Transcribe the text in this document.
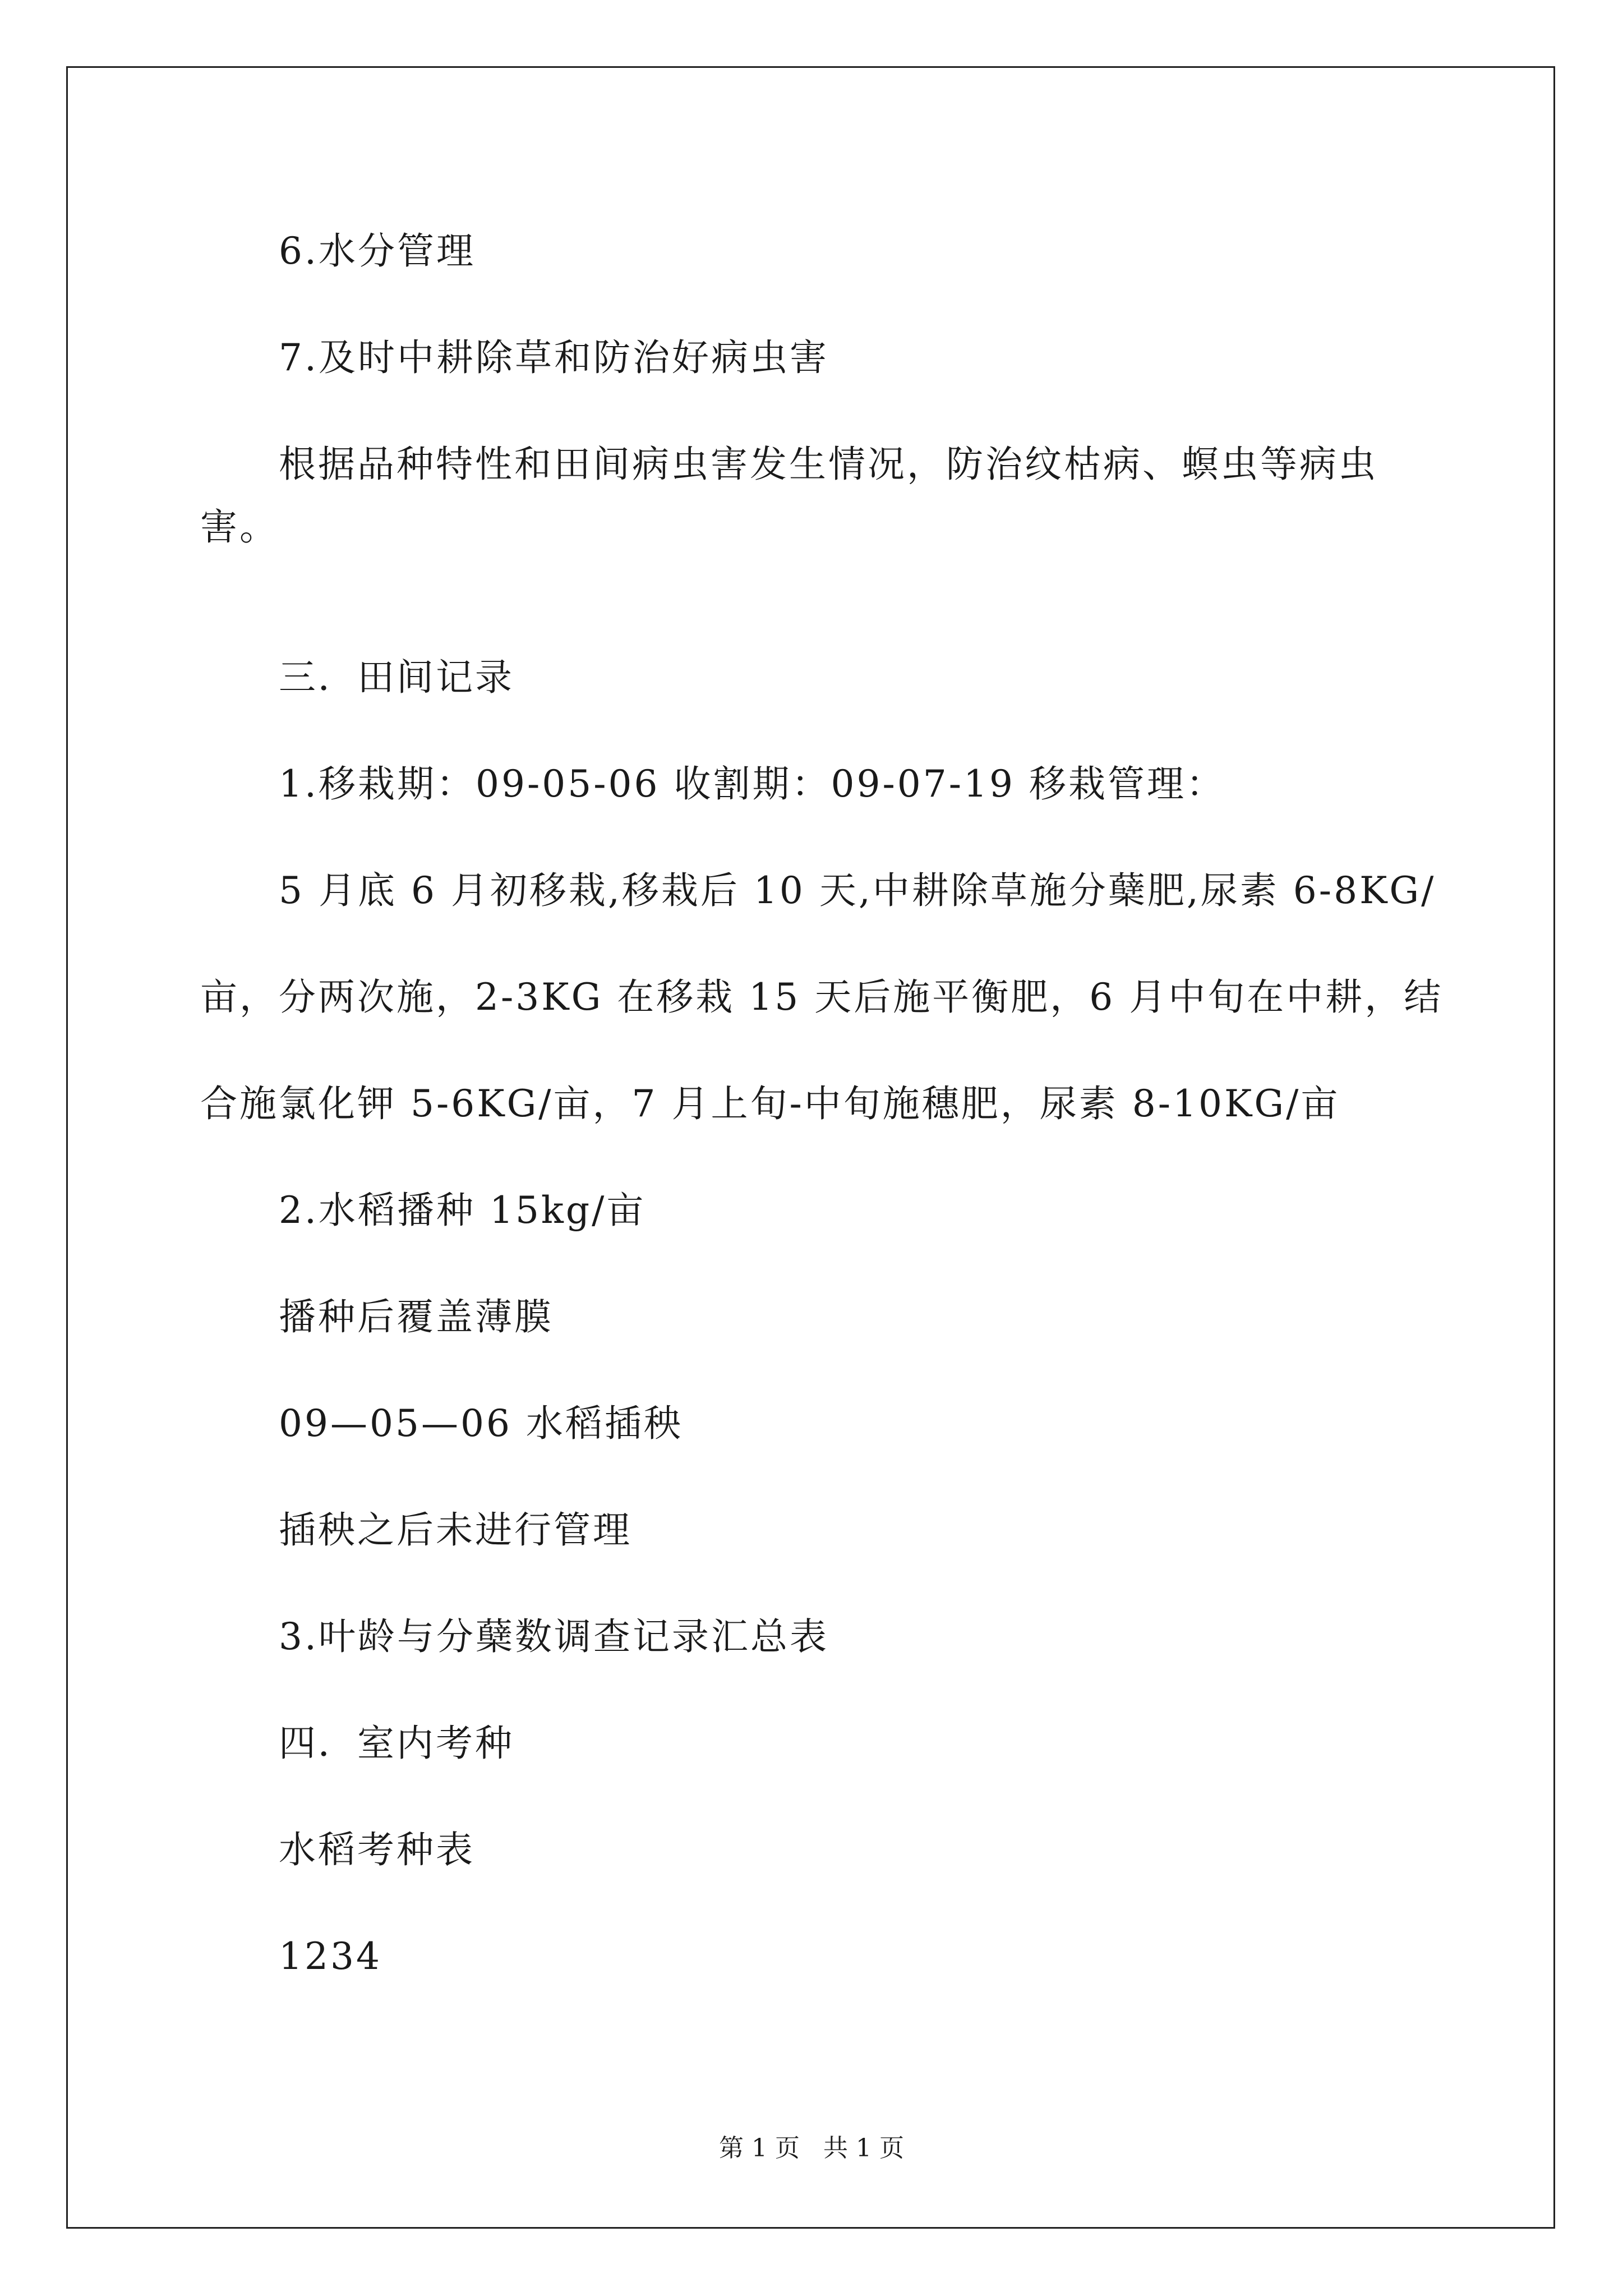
6.水分管理
7.及时中耕除草和防治好病虫害
根据品种特性和田间病虫害发生情况，防治纹枯病、螟虫等病虫
害。
三．田间记录
1.移栽期：09-05-06 收割期：09-07-19 移栽管理：
5 月底 6 月初移栽,移栽后 10 天,中耕除草施分蘖肥,尿素 6-8KG/
亩，分两次施，2-3KG 在移栽 15 天后施平衡肥，6 月中旬在中耕，结
合施氯化钾 5-6KG/亩，7 月上旬-中旬施穗肥，尿素 8-10KG/亩
2.水稻播种 15kg/亩
播种后覆盖薄膜
09—05—06 水稻插秧
插秧之后未进行管理
3.叶龄与分蘖数调查记录汇总表
四．室内考种
水稻考种表
1234
第 1 页   共 1 页
